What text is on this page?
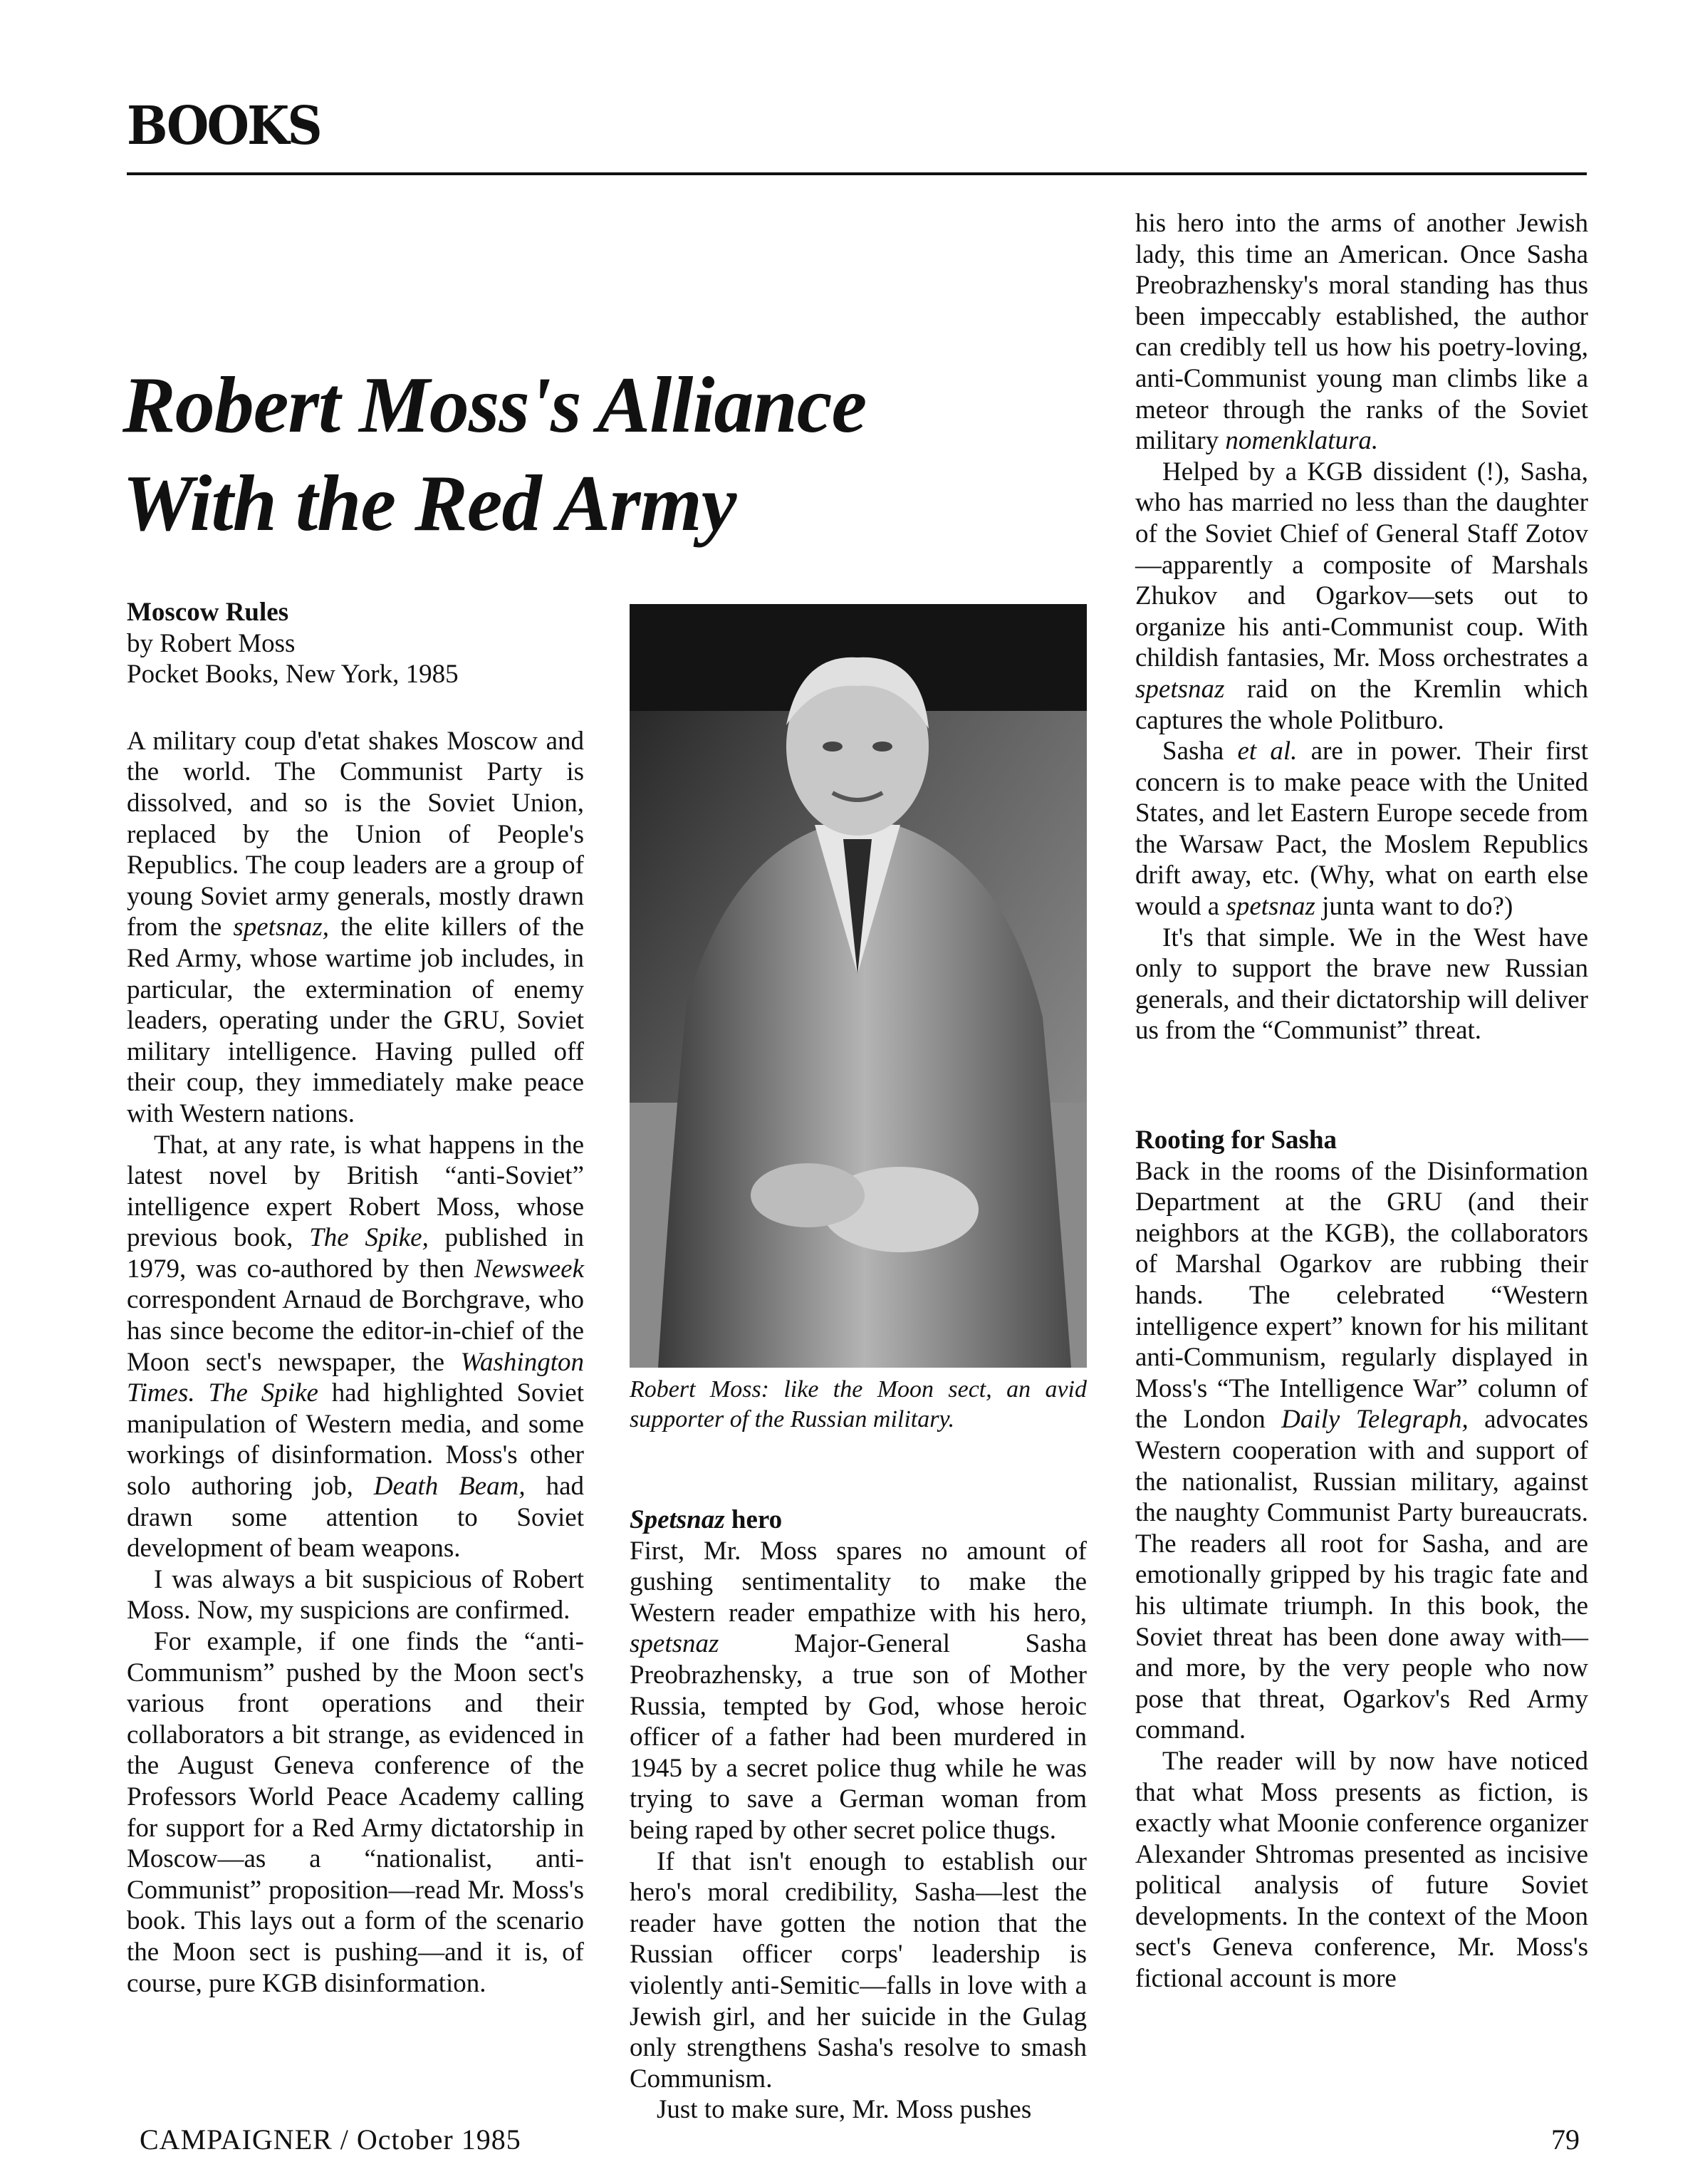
BOOKS
Robert Moss's Alliance
With the Red Army
Moscow Rules
by Robert Moss
Pocket Books, New York, 1985

A military coup d'etat shakes Moscow and the world. The Communist Party is dissolved, and so is the Soviet Union, replaced by the Union of People's Republics. The coup leaders are a group of young Soviet army generals, mostly drawn from the spetsnaz, the elite killers of the Red Army, whose wartime job includes, in particular, the extermination of enemy leaders, operating under the GRU, Soviet military intelligence. Having pulled off their coup, they immediately make peace with Western nations.

That, at any rate, is what happens in the latest novel by British “anti-Soviet” intelligence expert Robert Moss, whose previous book, The Spike, published in 1979, was co-authored by then Newsweek correspondent Arnaud de Borchgrave, who has since become the editor-in-chief of the Moon sect's newspaper, the Washington Times. The Spike had highlighted Soviet manipulation of Western media, and some workings of disinformation. Moss's other solo authoring job, Death Beam, had drawn some attention to Soviet development of beam weapons.

I was always a bit suspicious of Robert Moss. Now, my suspicions are confirmed.

For example, if one finds the “anti-Communism” pushed by the Moon sect's various front operations and their collaborators a bit strange, as evidenced in the August Geneva conference of the Professors World Peace Academy calling for support for a Red Army dictatorship in Moscow—as a “nationalist, anti-Communist” proposition—read Mr. Moss's book. This lays out a form of the scenario the Moon sect is pushing—and it is, of course, pure KGB disinformation.

Robert Moss: like the Moon sect, an avid supporter of the Russian military.

Spetsnaz hero

First, Mr. Moss spares no amount of gushing sentimentality to make the Western reader empathize with his hero, spetsnaz Major-General Sasha Preobrazhensky, a true son of Mother Russia, tempted by God, whose heroic officer of a father had been murdered in 1945 by a secret police thug while he was trying to save a German woman from being raped by other secret police thugs.

If that isn't enough to establish our hero's moral credibility, Sasha—lest the reader have gotten the notion that the Russian officer corps' leadership is violently anti-Semitic—falls in love with a Jewish girl, and her suicide in the Gulag only strengthens Sasha's resolve to smash Communism.

Just to make sure, Mr. Moss pushes

his hero into the arms of another Jewish lady, this time an American. Once Sasha Preobrazhensky's moral standing has thus been impeccably established, the author can credibly tell us how his poetry-loving, anti-Communist young man climbs like a meteor through the ranks of the Soviet military nomenklatura.

Helped by a KGB dissident (!), Sasha, who has married no less than the daughter of the Soviet Chief of General Staff Zotov—apparently a composite of Marshals Zhukov and Ogarkov—sets out to organize his anti-Communist coup. With childish fantasies, Mr. Moss orchestrates a spetsnaz raid on the Kremlin which captures the whole Politburo.

Sasha et al. are in power. Their first concern is to make peace with the United States, and let Eastern Europe secede from the Warsaw Pact, the Moslem Republics drift away, etc. (Why, what on earth else would a spetsnaz junta want to do?)

It's that simple. We in the West have only to support the brave new Russian generals, and their dictatorship will deliver us from the “Communist” threat.

Rooting for Sasha

Back in the rooms of the Disinformation Department at the GRU (and their neighbors at the KGB), the collaborators of Marshal Ogarkov are rubbing their hands. The celebrated “Western intelligence expert” known for his militant anti-Communism, regularly displayed in Moss's “The Intelligence War” column of the London Daily Telegraph, advocates Western cooperation with and support of the nationalist, Russian military, against the naughty Communist Party bureaucrats. The readers all root for Sasha, and are emotionally gripped by his tragic fate and his ultimate triumph. In this book, the Soviet threat has been done away with—and more, by the very people who now pose that threat, Ogarkov's Red Army command.

The reader will by now have noticed that what Moss presents as fiction, is exactly what Moonie conference organizer Alexander Shtromas presented as incisive political analysis of future Soviet developments. In the context of the Moon sect's Geneva conference, Mr. Moss's fictional account is more

CAMPAIGNER / October 1985	79
